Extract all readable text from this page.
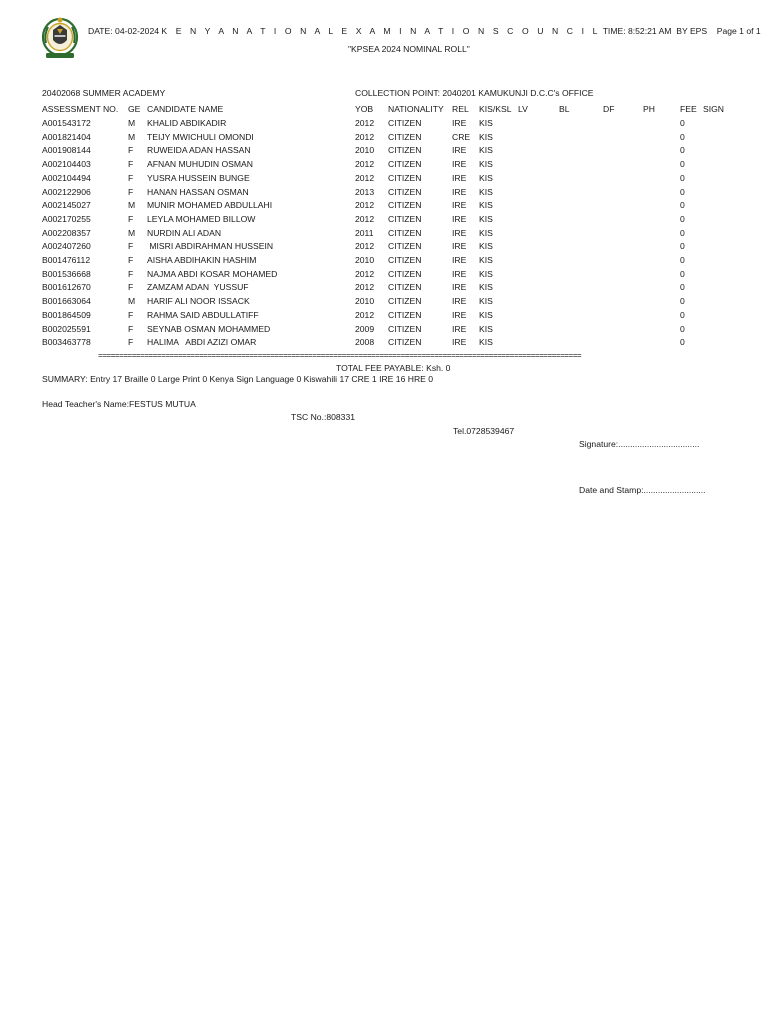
DATE: 04-02-2024 K E N Y A N A T I O N A L E X A M I N A T I O N S C O U N C I L TIME: 8:52:21 AM BY EPS Page 1 of 1
"KPSEA 2024 NOMINAL ROLL"
20402068 SUMMER ACADEMY	COLLECTION POINT: 2040201 KAMUKUNJI D.C.C's OFFICE
ASSESSMENT NO. GE CANDIDATE NAME	YOB NATIONALITY REL KIS/KSL LV	BL	DF	PH	FEE SIGN
A001543172	M KHALID ABDIKADIR	2012 CITIZEN	IRE KIS	0
A001821404	M TEIJY MWICHULI OMONDI	2012 CITIZEN	CRE KIS	0
A001908144	F RUWEIDA ADAN HASSAN	2010 CITIZEN	IRE KIS	0
A002104403	F AFNAN MUHUDIN OSMAN	2012 CITIZEN	IRE KIS	0
A002104494	F YUSRA HUSSEIN BUNGE	2012 CITIZEN	IRE KIS	0
A002122906	F HANAN HASSAN OSMAN	2013 CITIZEN	IRE KIS	0
A002145027	M MUNIR MOHAMED ABDULLAHI	2012 CITIZEN	IRE KIS	0
A002170255	F LEYLA MOHAMED BILLOW	2012 CITIZEN	IRE KIS	0
A002208357	M NURDIN ALI ADAN	2011 CITIZEN	IRE KIS	0
A002407260	F MISRI ABDIRAHMAN HUSSEIN	2012 CITIZEN	IRE KIS	0
B001476112	F AISHA ABDIHAKIN HASHIM	2010 CITIZEN	IRE KIS	0
B001536668	F NAJMA ABDI KOSAR MOHAMED	2012 CITIZEN	IRE KIS	0
B001612670	F ZAMZAM ADAN  YUSSUF	2012 CITIZEN	IRE KIS	0
B001663064	M HARIF ALI NOOR ISSACK	2010 CITIZEN	IRE KIS	0
B001864509	F RAHMA SAID ABDULLATIFF	2012 CITIZEN	IRE KIS	0
B002025591	F SEYNAB OSMAN MOHAMMED	2009 CITIZEN	IRE KIS	0
B003463778	F HALIMA   ABDI AZIZI OMAR	2008 CITIZEN	IRE KIS	0
===================================================================================================================
TOTAL FEE PAYABLE: Ksh. 0
SUMMARY: Entry 17 Braille 0 Large Print 0 Kenya Sign Language 0 Kiswahili 17 CRE 1 IRE 16 HRE 0
Head Teacher's Name:FESTUS MUTUA
TSC No.:808331
Tel.0728539467
Signature:..................................
Date and Stamp:..........................
